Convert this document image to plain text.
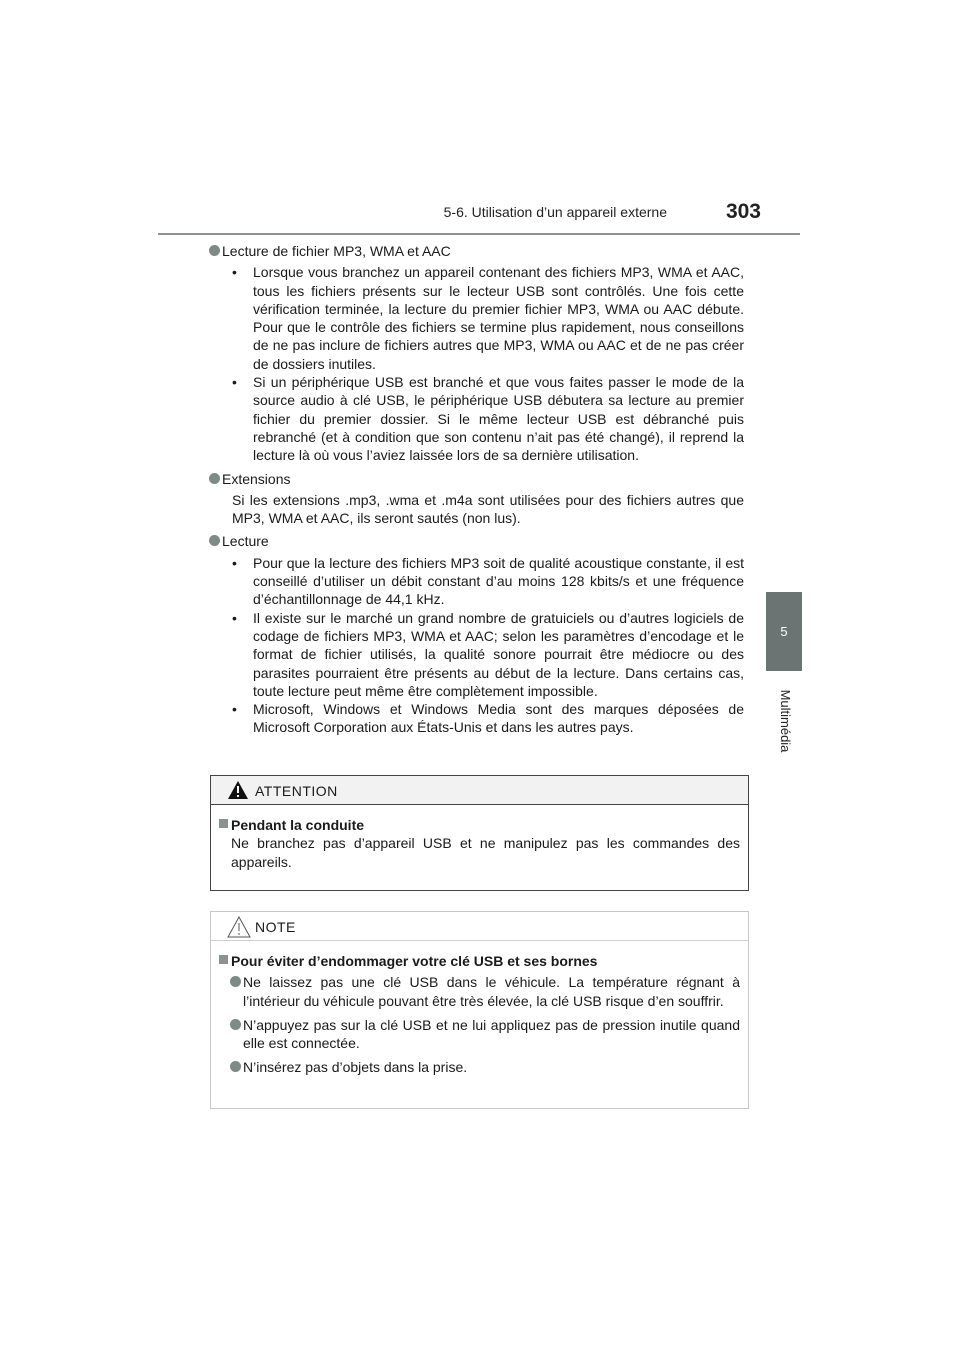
5-6. Utilisation d’un appareil externe	303
5
Multimédia
Lecture de fichier MP3, WMA et AAC
• Lorsque vous branchez un appareil contenant des fichiers MP3, WMA et AAC, tous les fichiers présents sur le lecteur USB sont contrôlés. Une fois cette vérification terminée, la lecture du premier fichier MP3, WMA ou AAC débute. Pour que le contrôle des fichiers se termine plus rapidement, nous conseillons de ne pas inclure de fichiers autres que MP3, WMA ou AAC et de ne pas créer de dossiers inutiles.
• Si un périphérique USB est branché et que vous faites passer le mode de la source audio à clé USB, le périphérique USB débutera sa lecture au premier fichier du premier dossier. Si le même lecteur USB est débranché puis rebranché (et à condition que son contenu n’ait pas été changé), il reprend la lecture là où vous l’aviez laissée lors de sa dernière utilisation.
Extensions
Si les extensions .mp3, .wma et .m4a sont utilisées pour des fichiers autres que MP3, WMA et AAC, ils seront sautés (non lus).
Lecture
• Pour que la lecture des fichiers MP3 soit de qualité acoustique constante, il est conseillé d’utiliser un débit constant d’au moins 128 kbits/s et une fréquence d’échantillonnage de 44,1 kHz.
• Il existe sur le marché un grand nombre de gratuiciels ou d’autres logiciels de codage de fichiers MP3, WMA et AAC; selon les paramètres d’encodage et le format de fichier utilisés, la qualité sonore pourrait être médiocre ou des parasites pourraient être présents au début de la lecture. Dans certains cas, toute lecture peut même être complètement impossible.
• Microsoft, Windows et Windows Media sont des marques déposées de Microsoft Corporation aux États-Unis et dans les autres pays.
ATTENTION
Pendant la conduite
Ne branchez pas d’appareil USB et ne manipulez pas les commandes des appareils.
NOTE
Pour éviter d’endommager votre clé USB et ses bornes
Ne laissez pas une clé USB dans le véhicule. La température régnant à l’intérieur du véhicule pouvant être très élevée, la clé USB risque d’en souffrir.
N’appuyez pas sur la clé USB et ne lui appliquez pas de pression inutile quand elle est connectée.
N’insérez pas d’objets dans la prise.
